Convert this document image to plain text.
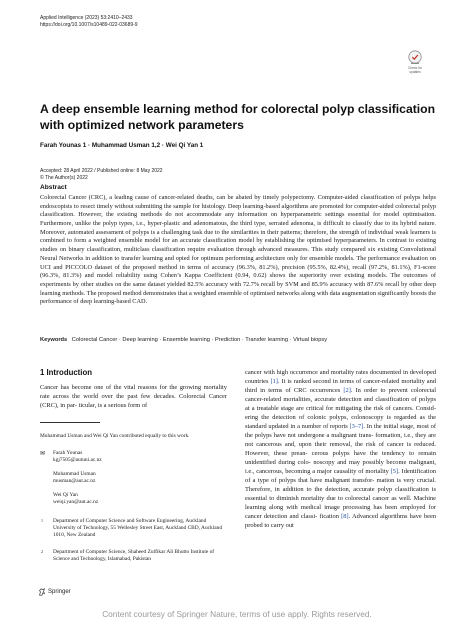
Applied Intelligence (2023) 53:2410–2433
https://doi.org/10.1007/s10489-022-03689-9
Check for
updates
A deep ensemble learning method for colorectal polyp classification with optimized network parameters
Farah Younas 1 · Muhammad Usman 1,2 · Wei Qi Yan 1
Accepted: 28 April 2022 / Published online: 8 May 2022
© The Author(s) 2022
Abstract
Colorectal Cancer (CRC), a leading cause of cancer-related deaths, can be abated by timely polypectomy. Computer-aided classification of polyps helps endoscopists to resect timely without submitting the sample for histology. Deep learning-based algorithms are promoted for computer-aided colorectal polyp classification. However, the existing methods do not accommodate any information on hyperparametric settings essential for model optimisation. Furthermore, unlike the polyp types, i.e., hyper-plastic and adenomatous, the third type, serrated adenoma, is difficult to classify due to its hybrid nature. Moreover, automated assessment of polyps is a challenging task due to the similarities in their patterns; therefore, the strength of individual weak learners is combined to form a weighted ensemble model for an accurate classification model by establishing the optimised hyperparameters. In contrast to existing studies on binary classification, multiclass classification require evaluation through advanced measures. This study compared six existing Convolutional Neural Networks in addition to transfer learning and opted for optimum performing architecture only for ensemble models. The performance evaluation on UCI and PICCOLO dataset of the proposed method in terms of accuracy (96.3%, 81.2%), precision (95.5%, 82.4%), recall (97.2%, 81.1%), F1-score (96.3%, 81.3%) and model reliability using Cohen’s Kappa Coefficient (0.94, 0.62) shows the superiority over existing models. The outcomes of experiments by other studies on the same dataset yielded 82.5% accuracy with 72.7% recall by SVM and 85.9% accuracy with 87.6% recall by other deep learning methods. The proposed method demonstrates that a weighted ensemble of optimised networks along with data augmentation significantly boosts the performance of deep learning-based CAD.
Keywords Colorectal Cancer · Deep learning · Ensemble learning · Prediction · Transfer learning · Virtual biopsy
1 Introduction
Cancer has become one of the vital reasons for the growing mortality rate across the world over the past few decades. Colorectal Cancer (CRC), in par- ticular, is a serious form of
Muhammad Usman and Wei Qi Yan contributed equally to this work.
✉ Farah Younas
kgj7505@autuni.ac.nz
Muhammad Usman
musman@aut.ac.nz
Wei Qi Yan
weiqi.yan@aut.ac.nz
1 Department of Computer Science and Software Engineering, Auckland University of Technology, 55 Wellesley Street East, Auckland CBD, Auckland 1010, New Zealand
2 Department of Computer Science, Shaheed Zulfikar Ali Bhutto Institute of Science and Technology, Islamabad, Pakistan
cancer with high occurrence and mortality rates documented in developed countries [1]. It is ranked second in terms of cancer-related mortality and third in terms of CRC occurrences [2]. In order to prevent colorectal cancer-related mortalities, accurate detection and classification of polyps at a treatable stage are critical for mitigating the risk of cancers. Consid- ering the detection of colonic polyps, colonoscopy is regarded as the standard updated in a number of reports [3–7]. In the initial stage, most of the polyps have not undergone a malignant trans- formation, i.e., they are not cancerous and, upon their removal, the risk of cancer is reduced. However, these prean- cerous polyps have the tendency to remain unidentified during colo- noscopy and may possibly become malignant, i.e., cancerous, becoming a major causality of mortality [5]. Identification of a type of polyps that have malignant transfor- mation is very crucial. Therefore, in addition to the detection, accurate polyp classification is essential to diminish mortality due to colorectal cancer as well. Machine learning along with medical image processing has been employed for cancer detection and classi- fication [8]. Advanced algorithms have been probed to carry out
Springer
Content courtesy of Springer Nature, terms of use apply. Rights reserved.
